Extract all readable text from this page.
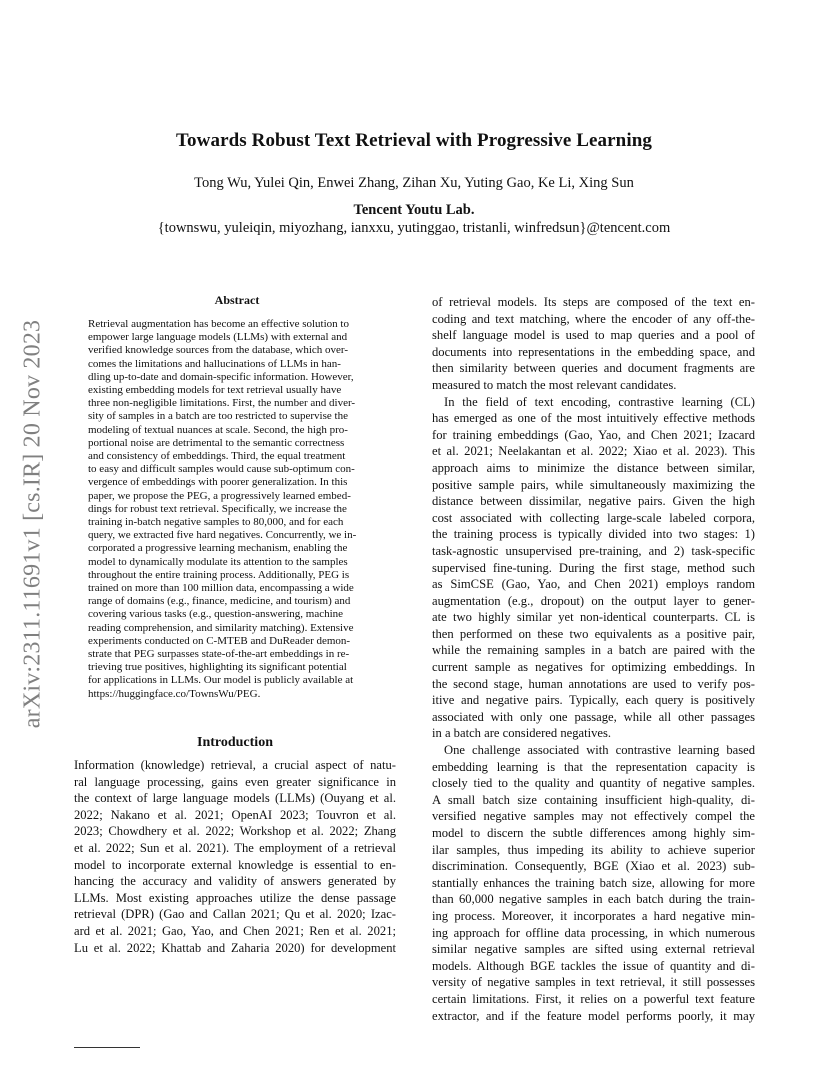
Towards Robust Text Retrieval with Progressive Learning
Tong Wu, Yulei Qin, Enwei Zhang, Zihan Xu, Yuting Gao, Ke Li, Xing Sun
Tencent Youtu Lab.
{townswu, yuleiqin, miyozhang, ianxxu, yutinggao, tristanli, winfredsun}@tencent.com
arXiv:2311.11691v1 [cs.IR] 20 Nov 2023
Abstract
Retrieval augmentation has become an effective solution to
empower large language models (LLMs) with external and
verified knowledge sources from the database, which over-
comes the limitations and hallucinations of LLMs in han-
dling up-to-date and domain-specific information. However,
existing embedding models for text retrieval usually have
three non-negligible limitations. First, the number and diver-
sity of samples in a batch are too restricted to supervise the
modeling of textual nuances at scale. Second, the high pro-
portional noise are detrimental to the semantic correctness
and consistency of embeddings. Third, the equal treatment
to easy and difficult samples would cause sub-optimum con-
vergence of embeddings with poorer generalization. In this
paper, we propose the PEG, a progressively learned embed-
dings for robust text retrieval. Specifically, we increase the
training in-batch negative samples to 80,000, and for each
query, we extracted five hard negatives. Concurrently, we in-
corporated a progressive learning mechanism, enabling the
model to dynamically modulate its attention to the samples
throughout the entire training process. Additionally, PEG is
trained on more than 100 million data, encompassing a wide
range of domains (e.g., finance, medicine, and tourism) and
covering various tasks (e.g., question-answering, machine
reading comprehension, and similarity matching). Extensive
experiments conducted on C-MTEB and DuReader demon-
strate that PEG surpasses state-of-the-art embeddings in re-
trieving true positives, highlighting its significant potential
for applications in LLMs. Our model is publicly available at
https://huggingface.co/TownsWu/PEG.
Introduction
Information (knowledge) retrieval, a crucial aspect of natu-
ral language processing, gains even greater significance in
the context of large language models (LLMs) (Ouyang et al.
2022; Nakano et al. 2021; OpenAI 2023; Touvron et al.
2023; Chowdhery et al. 2022; Workshop et al. 2022; Zhang
et al. 2022; Sun et al. 2021). The employment of a retrieval
model to incorporate external knowledge is essential to en-
hancing the accuracy and validity of answers generated by
LLMs. Most existing approaches utilize the dense passage
retrieval (DPR) (Gao and Callan 2021; Qu et al. 2020; Izac-
ard et al. 2021; Gao, Yao, and Chen 2021; Ren et al. 2021;
Lu et al. 2022; Khattab and Zaharia 2020) for development
of retrieval models. Its steps are composed of the text en-
coding and text matching, where the encoder of any off-the-
shelf language model is used to map queries and a pool of
documents into representations in the embedding space, and
then similarity between queries and document fragments are
measured to match the most relevant candidates.
In the field of text encoding, contrastive learning (CL)
has emerged as one of the most intuitively effective methods
for training embeddings (Gao, Yao, and Chen 2021; Izacard
et al. 2021; Neelakantan et al. 2022; Xiao et al. 2023). This
approach aims to minimize the distance between similar,
positive sample pairs, while simultaneously maximizing the
distance between dissimilar, negative pairs. Given the high
cost associated with collecting large-scale labeled corpora,
the training process is typically divided into two stages: 1)
task-agnostic unsupervised pre-training, and 2) task-specific
supervised fine-tuning. During the first stage, method such
as SimCSE (Gao, Yao, and Chen 2021) employs random
augmentation (e.g., dropout) on the output layer to gener-
ate two highly similar yet non-identical counterparts. CL is
then performed on these two equivalents as a positive pair,
while the remaining samples in a batch are paired with the
current sample as negatives for optimizing embeddings. In
the second stage, human annotations are used to verify pos-
itive and negative pairs. Typically, each query is positively
associated with only one passage, while all other passages
in a batch are considered negatives.
One challenge associated with contrastive learning based
embedding learning is that the representation capacity is
closely tied to the quality and quantity of negative samples.
A small batch size containing insufficient high-quality, di-
versified negative samples may not effectively compel the
model to discern the subtle differences among highly sim-
ilar samples, thus impeding its ability to achieve superior
discrimination. Consequently, BGE (Xiao et al. 2023) sub-
stantially enhances the training batch size, allowing for more
than 60,000 negative samples in each batch during the train-
ing process. Moreover, it incorporates a hard negative min-
ing approach for offline data processing, in which numerous
similar negative samples are sifted using external retrieval
models. Although BGE tackles the issue of quantity and di-
versity of negative samples in text retrieval, it still possesses
certain limitations. First, it relies on a powerful text feature
extractor, and if the feature model performs poorly, it may
